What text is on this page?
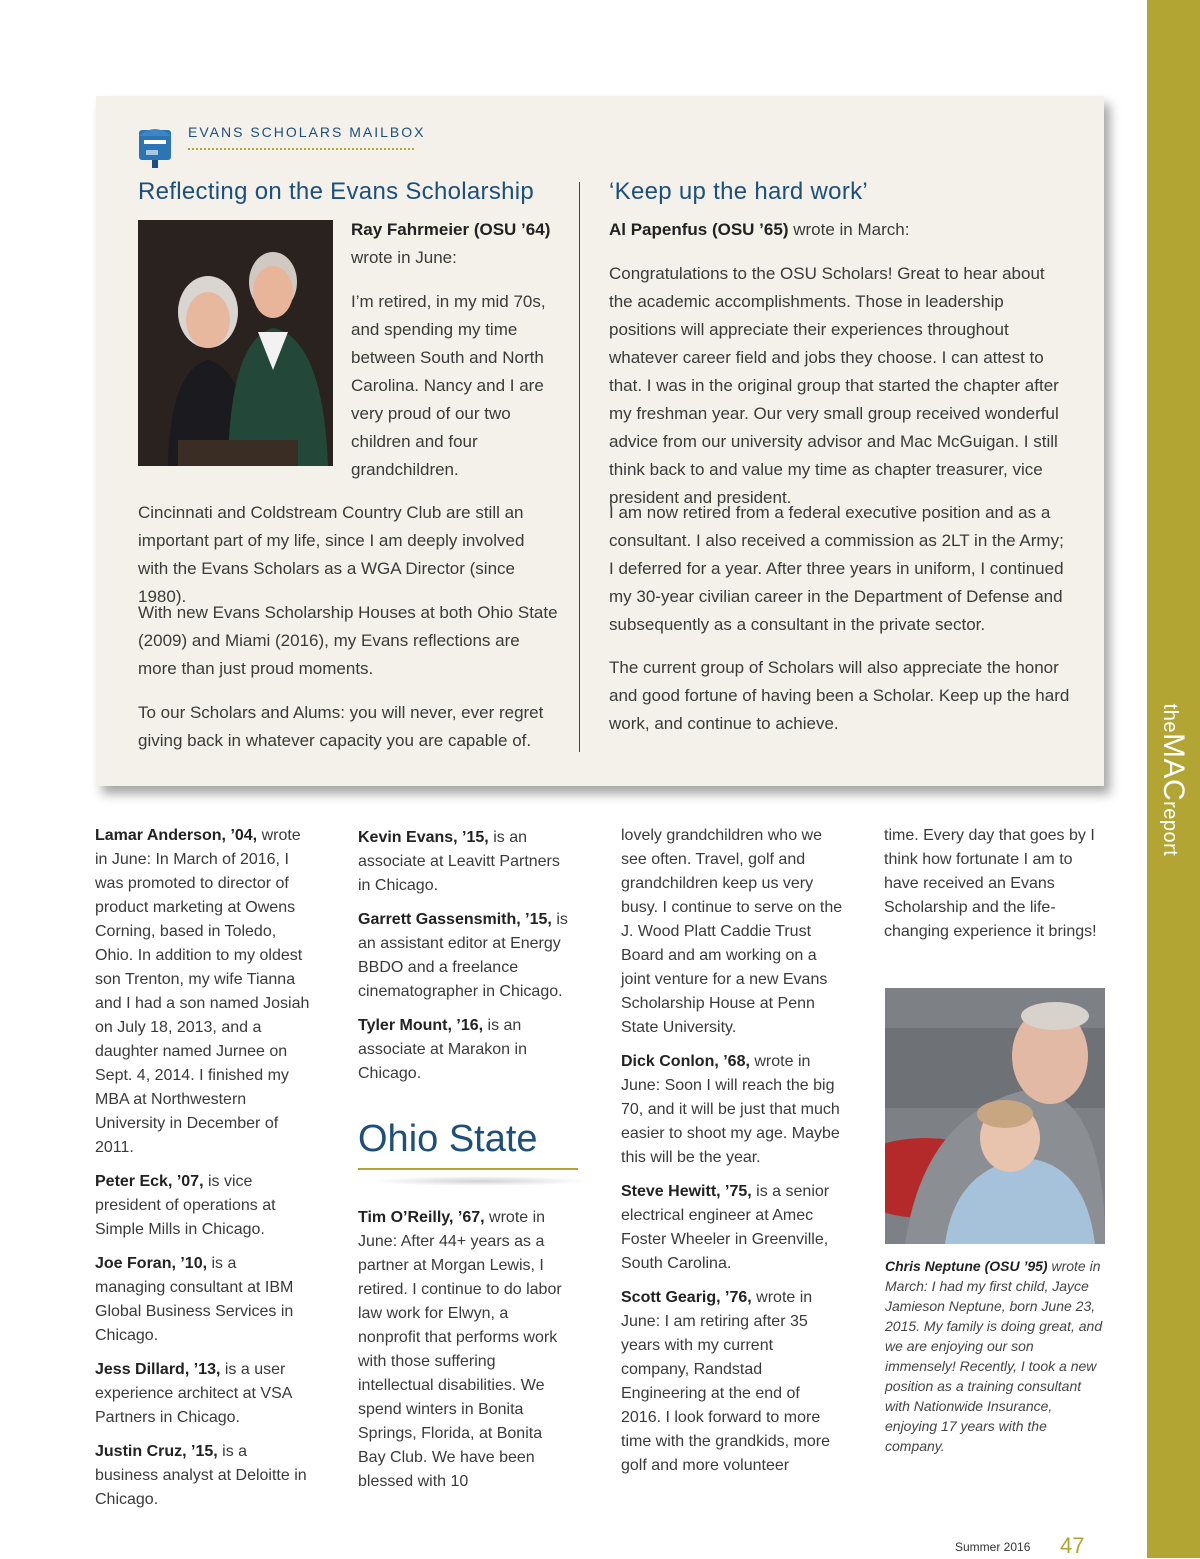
theMACreport
EVANS SCHOLARS MAILBOX
Reflecting on the Evans Scholarship

Ray Fahrmeier (OSU ’64) wrote in June:

I’m retired, in my mid 70s, and spending my time between South and North Carolina. Nancy and I are very proud of our two children and four grandchildren.

Cincinnati and Coldstream Country Club are still an important part of my life, since I am deeply involved with the Evans Scholars as a WGA Director (since 1980).

With new Evans Scholarship Houses at both Ohio State (2009) and Miami (2016), my Evans reflections are more than just proud moments.

To our Scholars and Alums: you will never, ever regret giving back in whatever capacity you are capable of.

‘Keep up the hard work’

Al Papenfus (OSU ’65) wrote in March:

Congratulations to the OSU Scholars! Great to hear about the academic accomplishments. Those in leadership positions will appreciate their experiences throughout whatever career field and jobs they choose. I can attest to that. I was in the original group that started the chapter after my freshman year. Our very small group received wonderful advice from our university advisor and Mac McGuigan. I still think back to and value my time as chapter treasurer, vice president and president.

I am now retired from a federal executive position and as a consultant. I also received a commission as 2LT in the Army; I deferred for a year. After three years in uniform, I continued my 30-year civilian career in the Department of Defense and subsequently as a consultant in the private sector.

The current group of Scholars will also appreciate the honor and good fortune of having been a Scholar. Keep up the hard work, and continue to achieve.

Lamar Anderson, ’04, wrote in June: In March of 2016, I was promoted to director of product marketing at Owens Corning, based in Toledo, Ohio. In addition to my oldest son Trenton, my wife Tianna and I had a son named Josiah on July 18, 2013, and a daughter named Jurnee on Sept. 4, 2014. I finished my MBA at Northwestern University in December of 2011.

Peter Eck, ’07, is vice president of operations at Simple Mills in Chicago.

Joe Foran, ’10, is a managing consultant at IBM Global Business Services in Chicago.

Jess Dillard, ’13, is a user experience architect at VSA Partners in Chicago.

Justin Cruz, ’15, is a business analyst at Deloitte in Chicago.

Kevin Evans, ’15, is an associate at Leavitt Partners in Chicago.

Garrett Gassensmith, ’15, is an assistant editor at Energy BBDO and a freelance cinematographer in Chicago.

Tyler Mount, ’16, is an associate at Marakon in Chicago.

Ohio State

Tim O’Reilly, ’67, wrote in June: After 44+ years as a partner at Morgan Lewis, I retired. I continue to do labor law work for Elwyn, a nonprofit that performs work with those suffering intellectual disabilities. We spend winters in Bonita Springs, Florida, at Bonita Bay Club. We have been blessed with 10

lovely grandchildren who we see often. Travel, golf and grandchildren keep us very busy. I continue to serve on the J. Wood Platt Caddie Trust Board and am working on a joint venture for a new Evans Scholarship House at Penn State University.

Dick Conlon, ’68, wrote in June: Soon I will reach the big 70, and it will be just that much easier to shoot my age. Maybe this will be the year.

Steve Hewitt, ’75, is a senior electrical engineer at Amec Foster Wheeler in Greenville, South Carolina.

Scott Gearig, ’76, wrote in June: I am retiring after 35 years with my current company, Randstad Engineering at the end of 2016. I look forward to more time with the grandkids, more golf and more volunteer

time. Every day that goes by I think how fortunate I am to have received an Evans Scholarship and the life-changing experience it brings!

Chris Neptune (OSU ’95) wrote in March: I had my first child, Jayce Jamieson Neptune, born June 23, 2015. My family is doing great, and we are enjoying our son immensely! Recently, I took a new position as a training consultant with Nationwide Insurance, enjoying 17 years with the company.
Summer 2016 47
